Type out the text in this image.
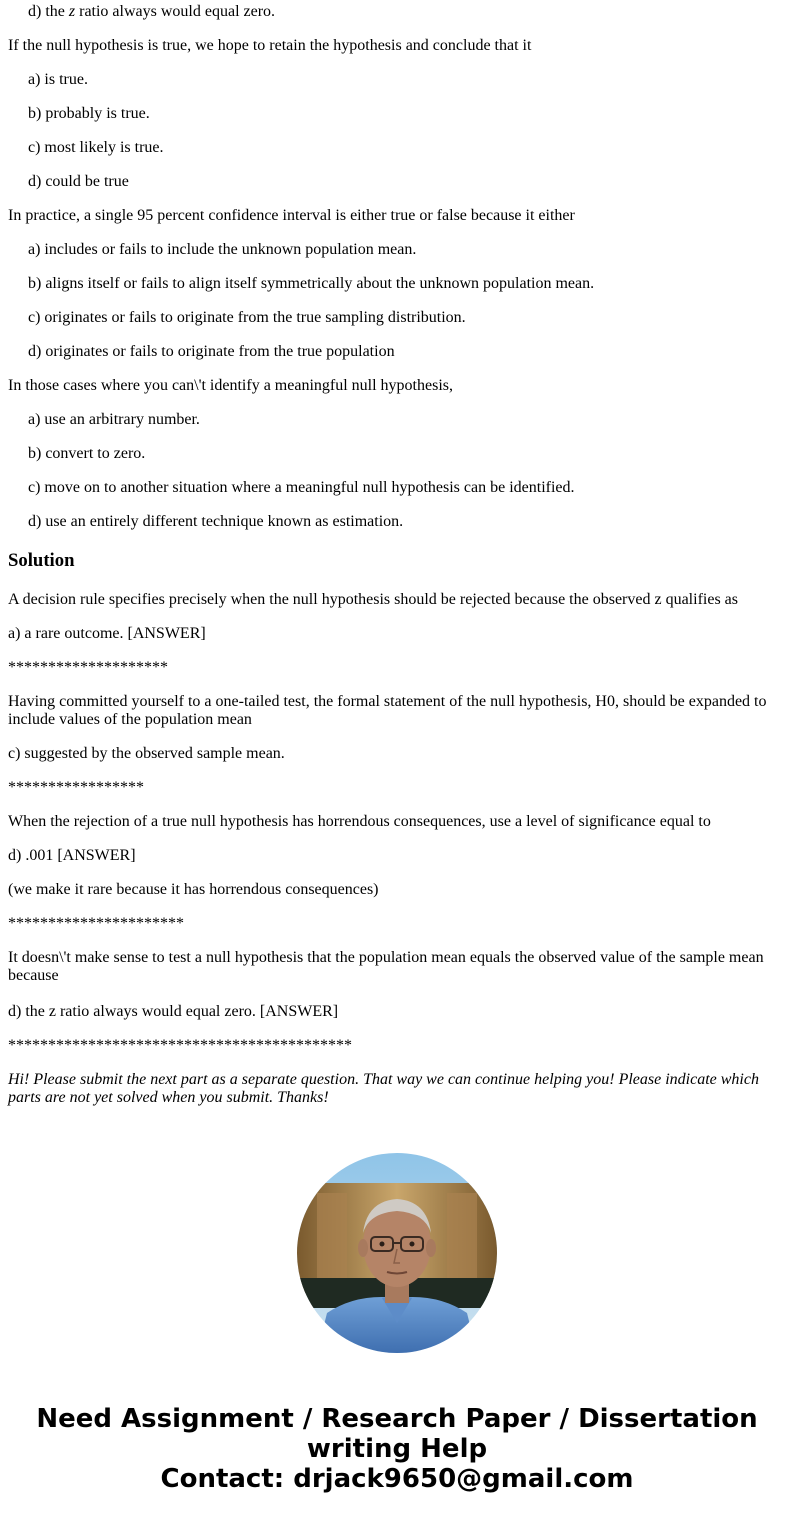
d) the z ratio always would equal zero.
If the null hypothesis is true, we hope to retain the hypothesis and conclude that it
a) is true.
b) probably is true.
c) most likely is true.
d) could be true
In practice, a single 95 percent confidence interval is either true or false because it either
a) includes or fails to include the unknown population mean.
b) aligns itself or fails to align itself symmetrically about the unknown population mean.
c) originates or fails to originate from the true sampling distribution.
d) originates or fails to originate from the true population
In those cases where you can\'t identify a meaningful null hypothesis,
a) use an arbitrary number.
b) convert to zero.
c) move on to another situation where a meaningful null hypothesis can be identified.
d) use an entirely different technique known as estimation.
Solution
A decision rule specifies precisely when the null hypothesis should be rejected because the observed z qualifies as
a) a rare outcome. [ANSWER]
********************
Having committed yourself to a one-tailed test, the formal statement of the null hypothesis, H0, should be expanded to include values of the population mean
c) suggested by the observed sample mean.
*****************
When the rejection of a true null hypothesis has horrendous consequences, use a level of significance equal to
d) .001 [ANSWER]
(we make it rare because it has horrendous consequences)
**********************
It doesn\'t make sense to test a null hypothesis that the population mean equals the observed value of the sample mean because
d) the z ratio always would equal zero. [ANSWER]
*******************************************
Hi! Please submit the next part as a separate question. That way we can continue helping you! Please indicate which parts are not yet solved when you submit. Thanks!
Need Assignment / Research Paper / Dissertation
writing Help
Contact: drjack9650@gmail.com
